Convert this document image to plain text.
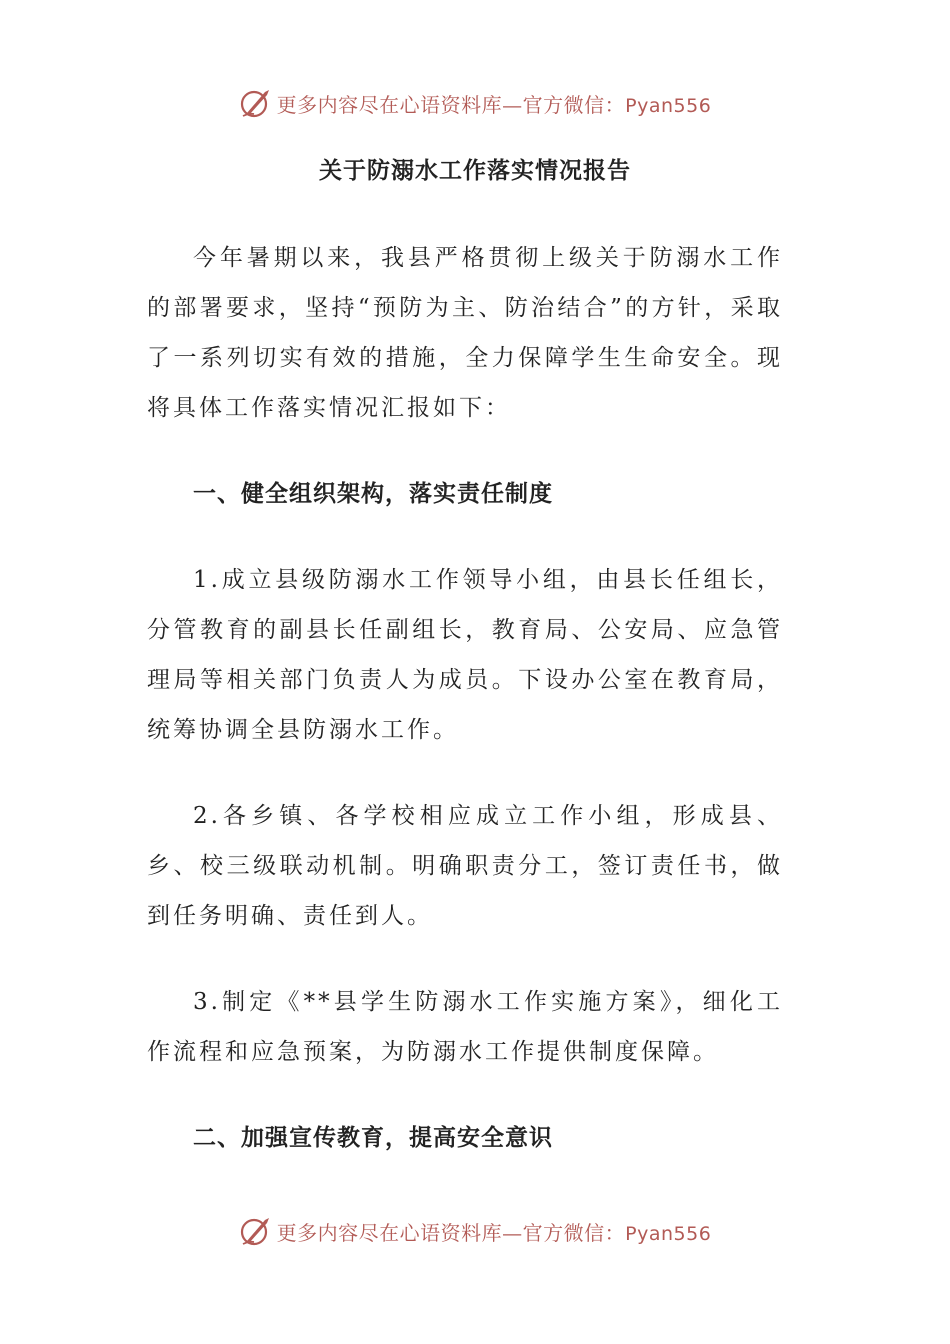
更多内容尽在心语资料库—官方微信：Pyan556
关于防溺水工作落实情况报告

今年暑期以来，我县严格贯彻上级关于防溺水工作的部署要求，坚持“预防为主、防治结合”的方针，采取了一系列切实有效的措施，全力保障学生生命安全。现将具体工作落实情况汇报如下：

一、健全组织架构，落实责任制度

1.成立县级防溺水工作领导小组，由县长任组长，分管教育的副县长任副组长，教育局、公安局、应急管理局等相关部门负责人为成员。下设办公室在教育局，统筹协调全县防溺水工作。

2.各乡镇、各学校相应成立工作小组，形成县、乡、校三级联动机制。明确职责分工，签订责任书，做到任务明确、责任到人。

3.制定《**县学生防溺水工作实施方案》，细化工作流程和应急预案，为防溺水工作提供制度保障。

二、加强宣传教育，提高安全意识

更多内容尽在心语资料库—官方微信：Pyan556
